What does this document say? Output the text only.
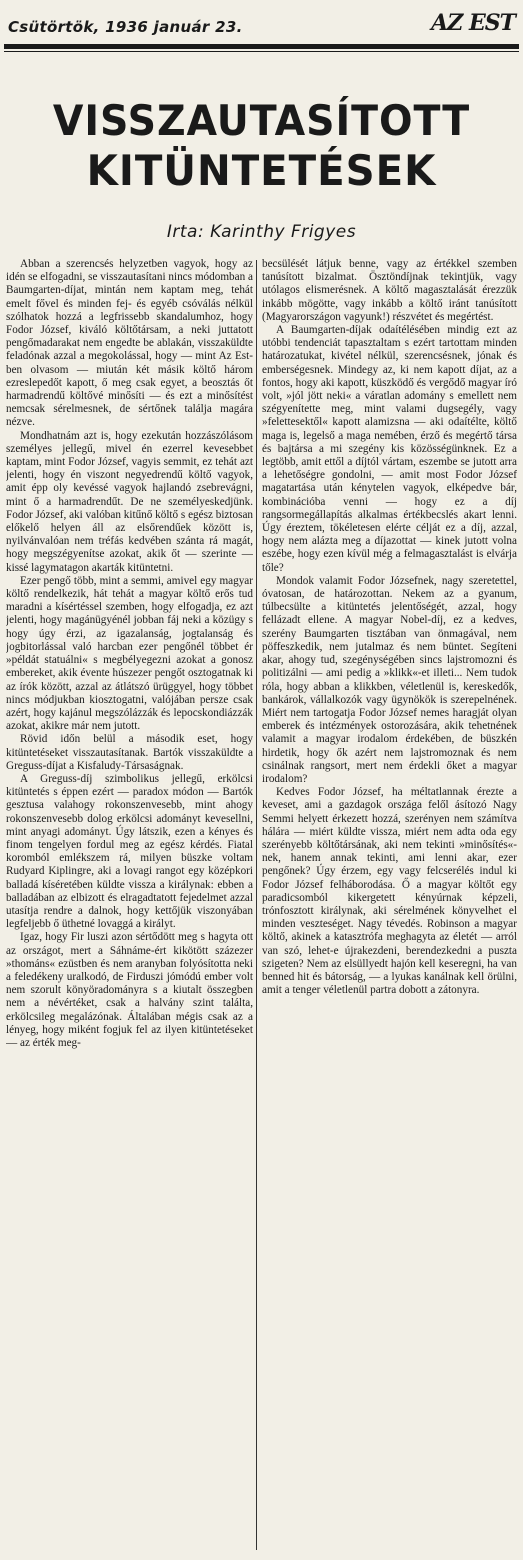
Csütörtök, 1936 január 23.	AZ EST
VISSZAUTASÍTOTT
KITÜNTETÉSEK
Irta: Karinthy Frigyes

Abban a szerencsés helyzetben vagyok, hogy az idén se elfogadni, se visszautasítani nincs módomban a Baumgarten-díjat, mintán nem kaptam meg, tehát emelt fővel és minden fej- és egyéb csóválás nélkül szólhatok hozzá a legfrissebb skandalumhoz, hogy Fodor József, kiváló költőtársam, a neki juttatott pengőmadarakat nem engedte be ablakán, visszaküldte feladónak azzal a megokolással, hogy — mint Az Est-ben olvasom — miután két másik költő három ezreslepedőt kapott, ő meg csak egyet, a beosztás őt harmadrendű költővé minősíti — és ezt a minősítést nemcsak sérelmesnek, de sértőnek találja magára nézve.

Mondhatnám azt is, hogy ezekután hozzászólásom személyes jellegű, mivel én ezerrel kevesebbet kaptam, mint Fodor József, vagyis semmit, ez tehát azt jelenti, hogy én viszont negyedrendű költő vagyok, amit épp oly kevéssé vagyok hajlandó zsebrevágni, mint ő a harmadrendűt. De ne személyeskedjünk. Fodor József, aki valóban kitűnő költő s egész biztosan előkelő helyen áll az elsőrendűek között is, nyilvánvalóan nem tréfás kedvében szánta rá magát, hogy megszégyenítse azokat, akik őt — szerinte — kissé lagymatagon akarták kitüntetni.

Ezer pengő több, mint a semmi, amivel egy magyar költő rendelkezik, hát tehát a magyar költő erős tud maradni a kísértéssel szemben, hogy elfogadja, ez azt jelenti, hogy magánügyénél jobban fáj neki a közügy s hogy úgy érzi, az igazalanság, jogtalanság és jogbitorlással való harcban ezer pengőnél többet ér »példát statuálni« s megbélyegezni azokat a gonosz embereket, akik évente húszezer pengőt osztogatnak ki az írók között, azzal az átlátszó ürüggyel, hogy többet nincs módjukban kiosztogatni, valójában persze csak azért, hogy kajánul megszólázzák és lepocskondiázzák azokat, akikre már nem jutott.

Rövid időn belül a második eset, hogy kitüntetéseket visszautasítanak. Bartók visszaküldte a Greguss-díjat a Kisfaludy-Társaságnak.

A Greguss-díj szimbolikus jellegű, erkölcsi kitüntetés s éppen ezért — paradox módon — Bartók gesztusa valahogy rokonszenvesebb, mint ahogy rokonszenvesebb dolog erkölcsi adományt kevesellni, mint anyagi adományt. Úgy látszik, ezen a kényes és finom tengelyen fordul meg az egész kérdés. Fiatal koromból emlékszem rá, milyen büszke voltam Rudyard Kiplingre, aki a lovagi rangot egy középkori balladá kíséretében küldte vissza a királynak: ebben a balladában az elbizott és elragadtatott fejedelmet azzal utasítja rendre a dalnok, hogy kettőjük viszonyában legfeljebb ő üthetné lovaggá a királyt.

Igaz, hogy Fir luszi azon sértődött meg s hagyta ott az országot, mert a Sáhnáme-ért kikötött százezer »thománs« ezüstben és nem aranyban folyósította neki a feledékeny uralkodó, de Firduszi jómódú ember volt nem szorult könyöradományra s a kiutalt összegben nem a névértéket, csak a halvány szint találta, erkölcsileg megalázónak. Általában mégis csak az a lényeg, hogy miként fogjuk fel az ilyen kitüntetéseket — az érték meg-

becsülését látjuk benne, vagy az értékkel szemben tanúsított bizalmat. Ösztöndíjnak tekintjük, vagy utólagos elismerésnek. A költő magasztalását érezzük inkább mögötte, vagy inkább a költő iránt tanúsított (Magyarországon vagyunk!) részvétet és megértést.

A Baumgarten-díjak odaítélésében mindig ezt az utóbbi tendenciát tapasztaltam s ezért tartottam minden határozatukat, kivétel nélkül, szerencsésnek, jónak és emberségesnek. Mindegy az, ki nem kapott díjat, az a fontos, hogy aki kapott, küszködő és vergődő magyar író volt, »jól jött neki« a váratlan adomány s emellett nem szégyenítette meg, mint valami dugsegély, vagy »felettesektől« kapott alamizsna — aki odaítélte, költő maga is, legelső a maga nemében, érző és megértő társa és bajtársa a mi szegény kis közösségünknek. Ez a legtöbb, amit ettől a díjtól vártam, eszembe se jutott arra a lehetőségre gondolni, — amit most Fodor József magatartása után kénytelen vagyok, elképedve bár, kombinációba venni — hogy ez a díj rangsormegállapítás alkalmas értékbecslés akart lenni. Úgy éreztem, tökéletesen elérte célját ez a díj, azzal, hogy nem alázta meg a díjazottat — kinek jutott volna eszébe, hogy ezen kívül még a felmagasztalást is elvárja tőle?

Mondok valamit Fodor Józsefnek, nagy szeretettel, óvatosan, de határozottan. Nekem az a gyanum, túlbecsülte a kitüntetés jelentőségét, azzal, hogy fellázadt ellene. A magyar Nobel-díj, ez a kedves, szerény Baumgarten tisztában van önmagával, nem pöffeszkedik, nem jutalmaz és nem büntet. Segíteni akar, ahogy tud, szegénységében sincs lajstromozni és politizálni — ami pedig a »klikk«-et illeti... Nem tudok róla, hogy abban a klikkben, véletlenül is, kereskedők, bankárok, vállalkozók vagy ügynökök is szerepelnének. Miért nem tartogatja Fodor József nemes haragját olyan emberek és intézmények ostorozására, akik tehetnének valamit a magyar irodalom érdekében, de büszkén hirdetik, hogy ők azért nem lajstromoznak és nem csinálnak rangsort, mert nem érdekli őket a magyar irodalom?

Kedves Fodor József, ha méltatlannak érezte a keveset, ami a gazdagok országa felől ásítozó Nagy Semmi helyett érkezett hozzá, szerényen nem számítva hálára — miért küldte vissza, miért nem adta oda egy szerényebb költőtársának, aki nem tekinti »minősítés«-nek, hanem annak tekinti, ami lenni akar, ezer pengőnek? Úgy érzem, egy vagy felcserélés indul ki Fodor József felháborodása. Ő a magyar költőt egy paradicsomból kikergetett kényúrnak képzeli, trónfosztott királynak, aki sérelmének könyvelhet el minden veszteséget. Nagy tévedés. Robinson a magyar költő, akinek a katasztrófa meghagyta az életét — arról van szó, lehet-e újrakezdeni, berendezkedni a puszta szigeten? Nem az elsüllyedt hajón kell keseregni, ha van benned hit és bátorság, — a lyukas kanálnak kell örülni, amit a tenger véletlenül partra dobott a zátonyra.
